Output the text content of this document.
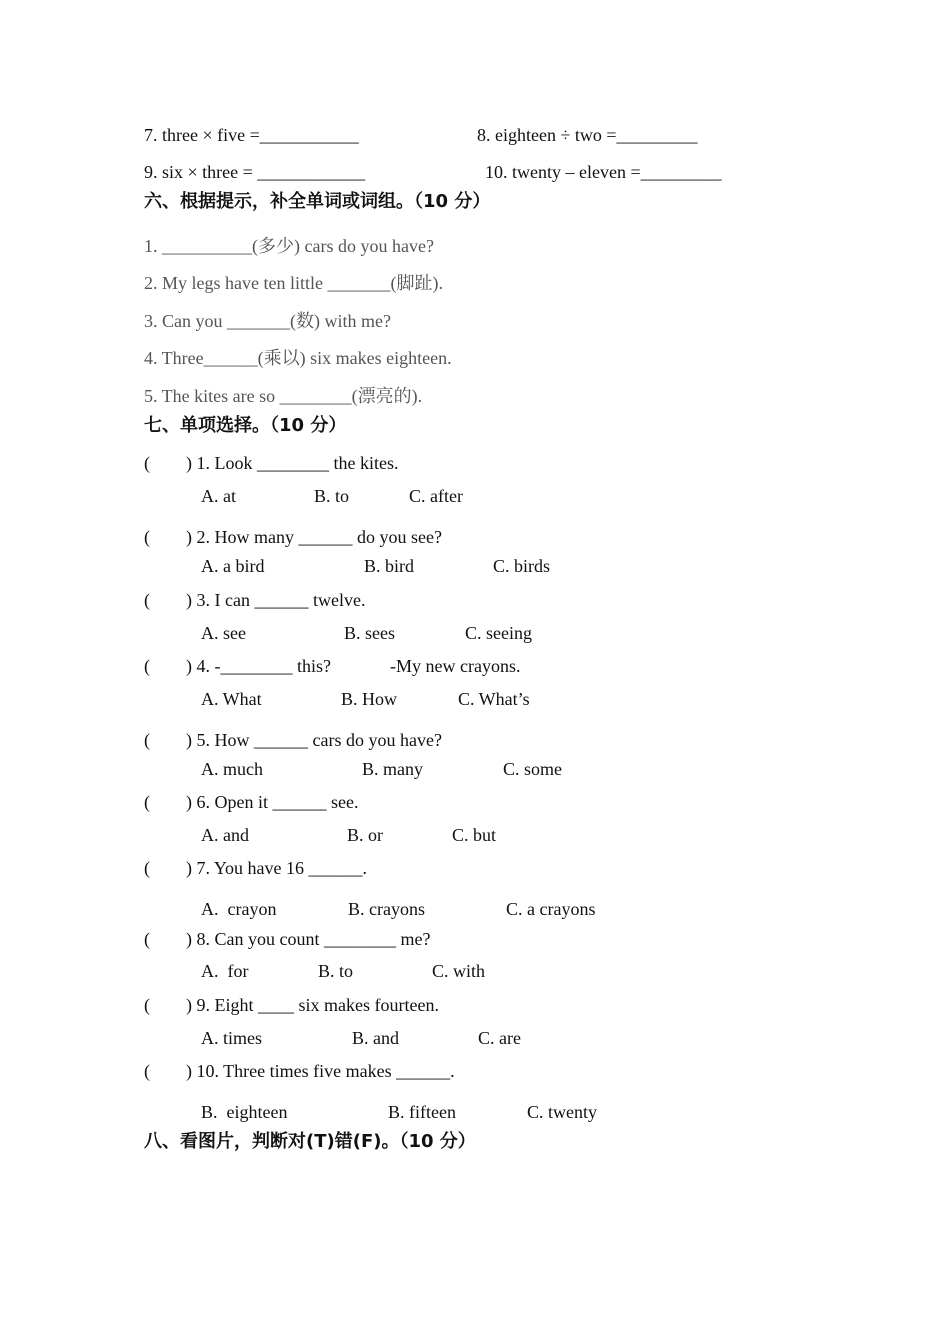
7. three × five =___________	8. eighteen ÷ two =_________
9. six × three = ____________	10. twenty – eleven =_________
六、根据提示，补全单词或词组。（10 分）
1. __________(多少) cars do you have?
2. My legs have ten little _______(脚趾).
3. Can you _______(数) with me?
4. Three______(乘以) six makes eighteen.
5. The kites are so ________(漂亮的).
七、单项选择。（10 分）
(        ) 1. Look ________ the kites.
A. at	B. to	C. after
(        ) 2. How many ______ do you see?
A. a bird	B. bird	C. birds
(        ) 3. I can ______ twelve.
A. see	B. sees	C. seeing
(        ) 4. -________ this?	-My new crayons.
A. What	B. How	C. What’s
(        ) 5. How ______ cars do you have?
A. much	B. many	C. some
(        ) 6. Open it ______ see.
A. and	B. or	C. but
(        ) 7. You have 16 ______.
A.  crayon	B. crayons	C. a crayons
(        ) 8. Can you count ________ me?
A.  for	B. to	C. with
(        ) 9. Eight ____ six makes fourteen.
A. times	B. and	C. are
(        ) 10. Three times five makes ______.
B.  eighteen	B. fifteen	C. twenty
八、看图片，判断对(T)错(F)。（10 分）
